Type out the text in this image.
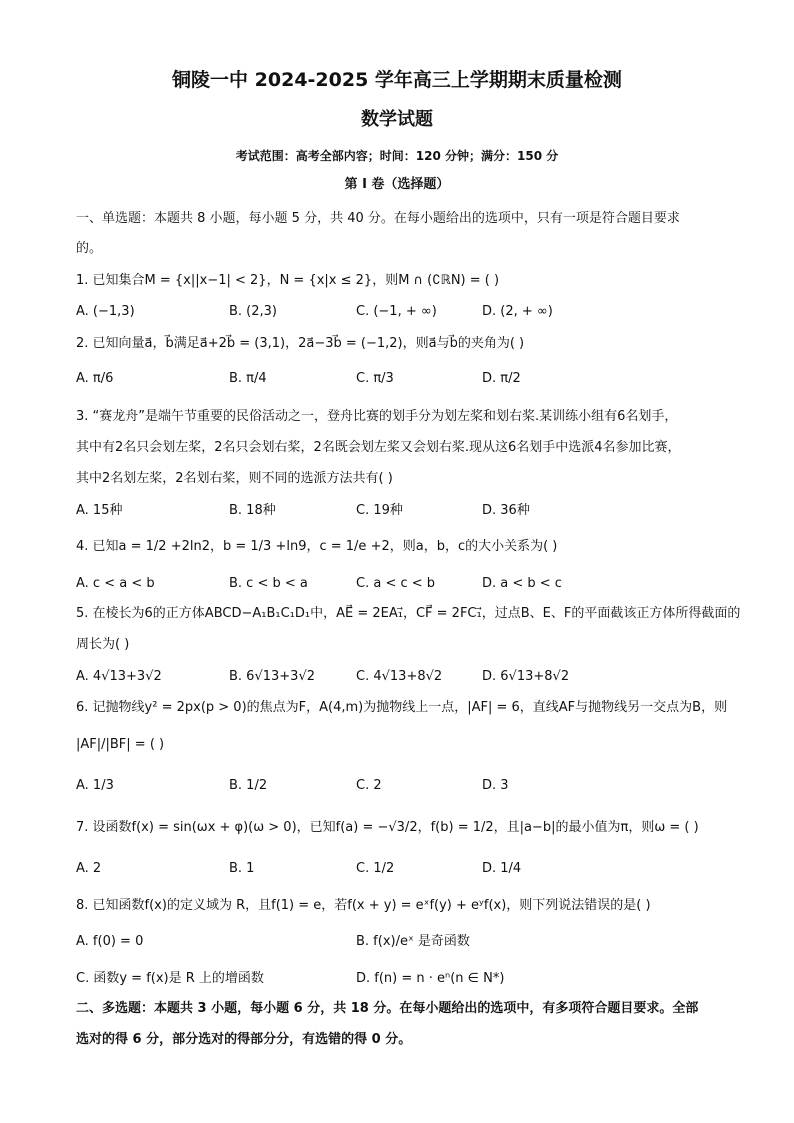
铜陵一中 2024-2025 学年高三上学期期末质量检测
数学试题
考试范围：高考全部内容；时间：120 分钟；满分：150 分
第 I 卷（选择题）
一、单选题：本题共 8 小题，每小题 5 分，共 40 分。在每小题给出的选项中，只有一项是符合题目要求
的。
1. 已知集合M = {x||x−1| < 2}，N = {x|x ≤ 2}，则M ∩ (∁ℝN) = ( )
A. (−1,3)	B. (2,3)	C. (−1, + ∞)	D. (2, + ∞)
2. 已知向量a⃗，b⃗满足a⃗+2b⃗ = (3,1)，2a⃗−3b⃗ = (−1,2)，则a⃗与b⃗的夹角为( )
A. π/6	B. π/4	C. π/3	D. π/2
3. “赛龙舟”是端午节重要的民俗活动之一，登舟比赛的划手分为划左桨和划右桨.某训练小组有6名划手，
其中有2名只会划左桨，2名只会划右桨，2名既会划左桨又会划右桨.现从这6名划手中选派4名参加比赛，
其中2名划左桨，2名划右桨，则不同的选派方法共有( )
A. 15种	B. 18种	C. 19种	D. 36种
4. 已知a = 1/2 +2ln2，b = 1/3 +ln9，c = 1/e +2，则a，b，c的大小关系为( )
A. c < a < b	B. c < b < a	C. a < c < b	D. a < b < c
5. 在棱长为6的正方体ABCD−A₁B₁C₁D₁中，AE⃗ = 2EA₁⃗，CF⃗ = 2FC₁⃗，过点B、E、F的平面截该正方体所得截面的
周长为( )
A. 4√13+3√2	B. 6√13+3√2	C. 4√13+8√2	D. 6√13+8√2
6. 记抛物线y² = 2px(p > 0)的焦点为F，A(4,m)为抛物线上一点，|AF| = 6，直线AF与抛物线另一交点为B，则
|AF|/|BF| = ( )
A. 1/3	B. 1/2	C. 2	D. 3
7. 设函数f(x) = sin(ωx + φ)(ω > 0)，已知f(a) = −√3/2，f(b) = 1/2，且|a−b|的最小值为π，则ω = ( )
A. 2	B. 1	C. 1/2	D. 1/4
8. 已知函数f(x)的定义域为 R，且f(1) = e，若f(x + y) = eˣf(y) + eʸf(x)，则下列说法错误的是( )
A. f(0) = 0	B. f(x)/eˣ 是奇函数
C. 函数y = f(x)是 R 上的增函数	D. f(n) = n · eⁿ(n ∈ N*)
二、多选题：本题共 3 小题，每小题 6 分，共 18 分。在每小题给出的选项中，有多项符合题目要求。全部
选对的得 6 分，部分选对的得部分分，有选错的得 0 分。
